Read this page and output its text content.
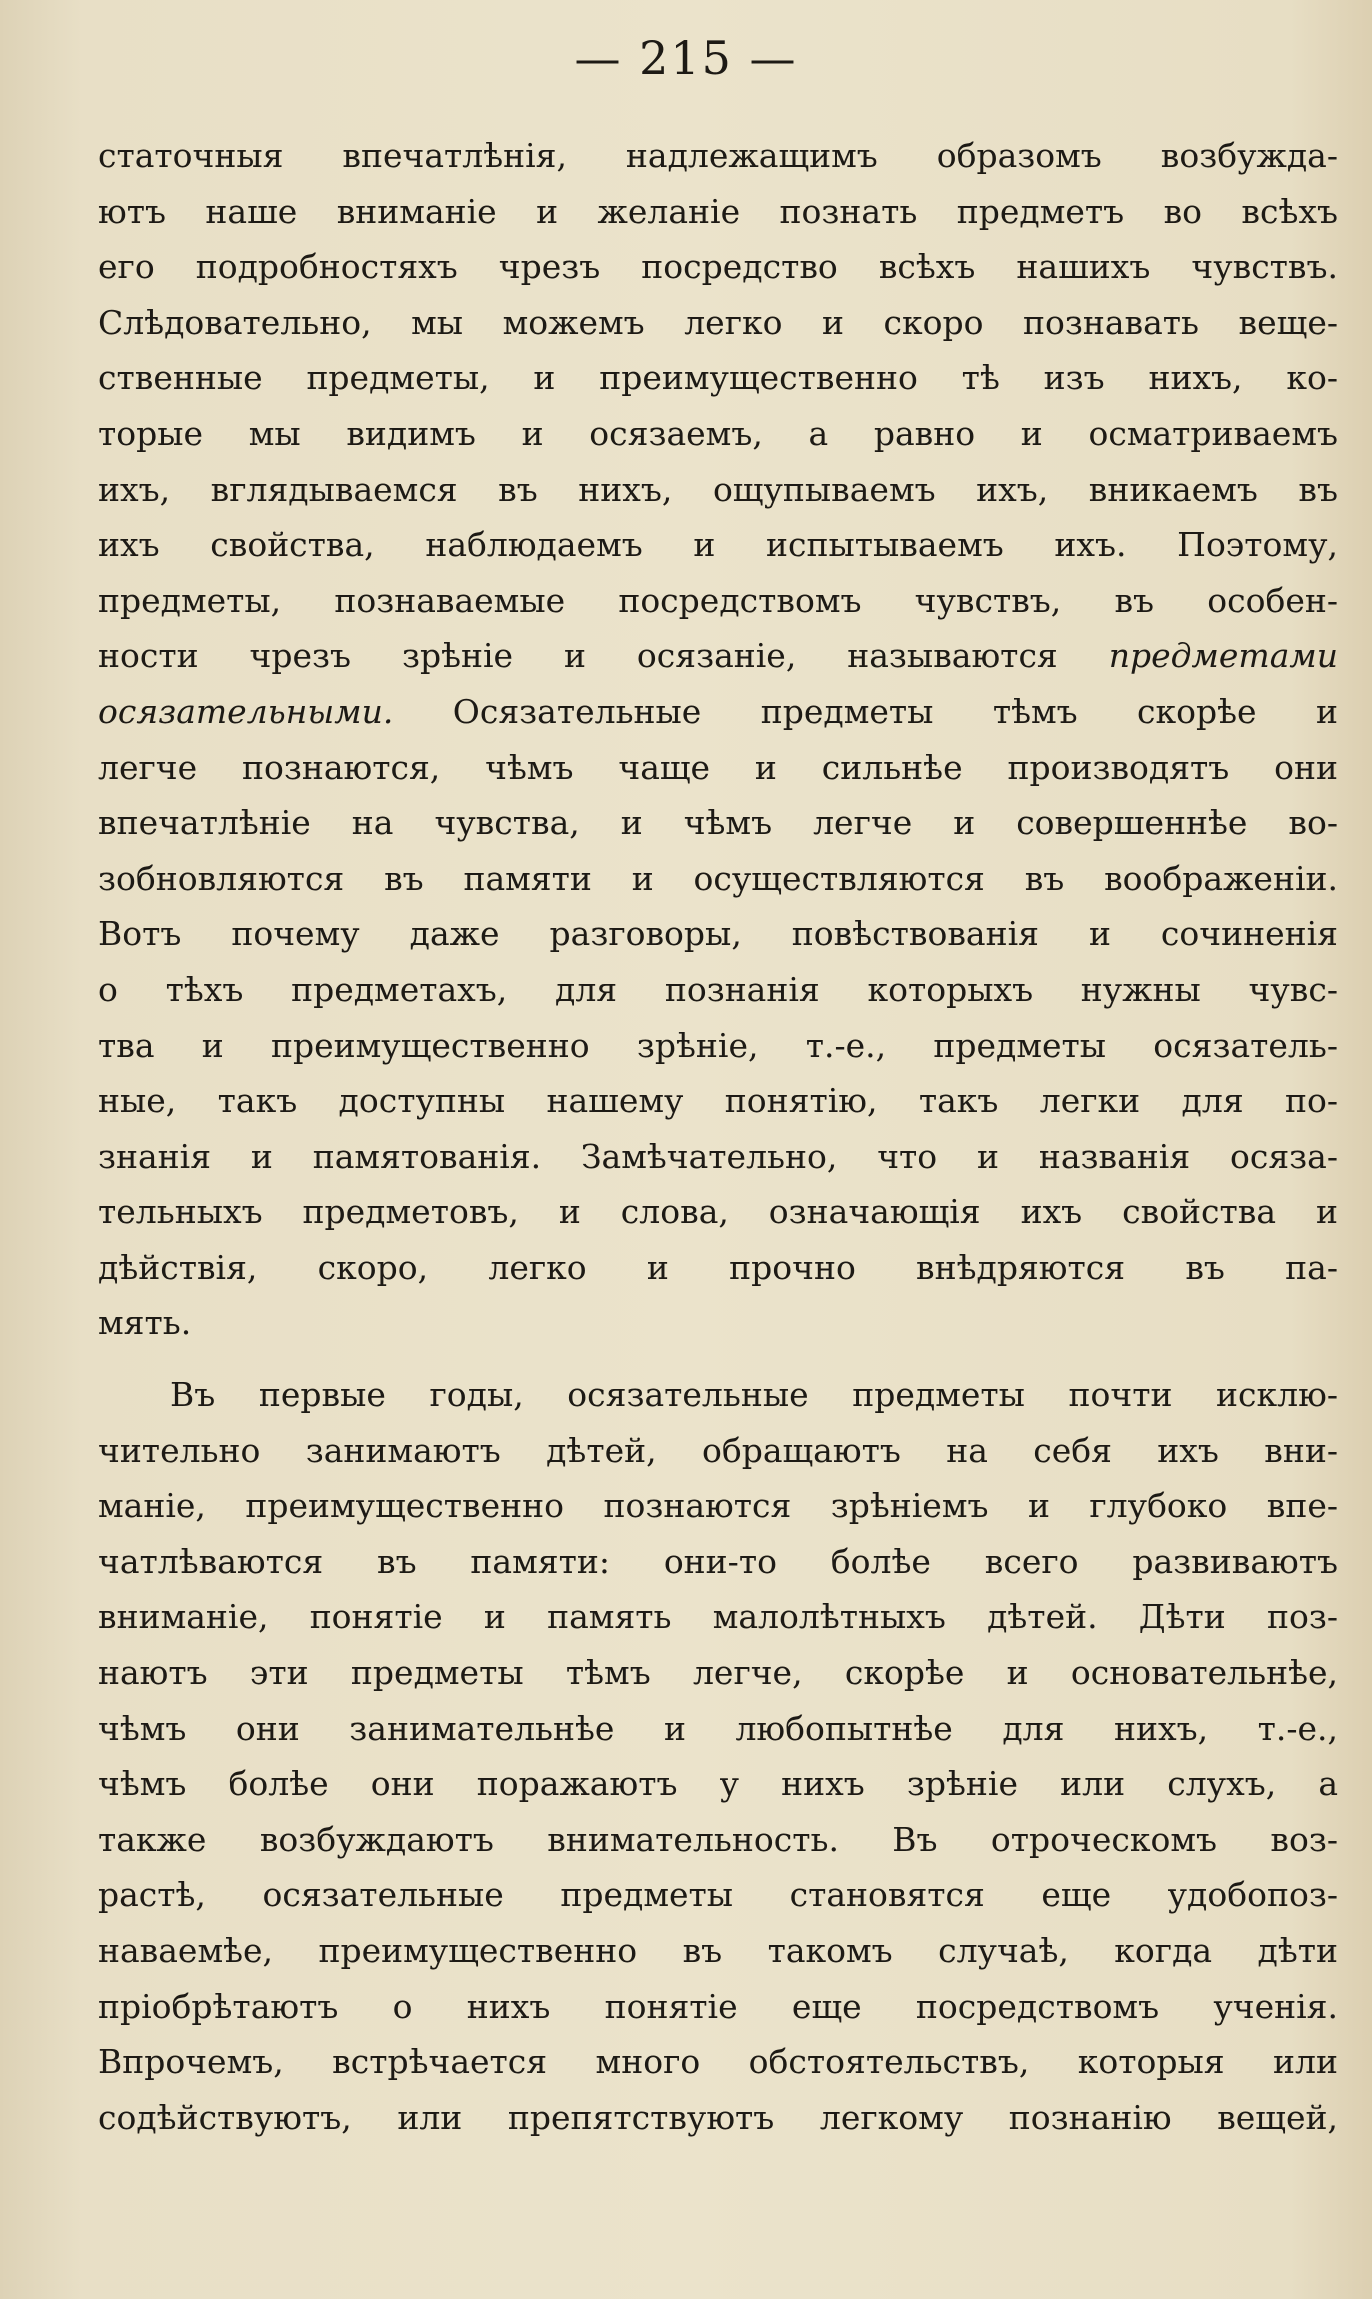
— 215 —
статочныя впечатлѣнія, надлежащимъ образомъ возбужда-
ютъ наше вниманіе и желаніе познать предметъ во всѣхъ
его подробностяхъ чрезъ посредство всѣхъ нашихъ чувствъ.
Слѣдовательно, мы можемъ легко и скоро познавать веще-
ственные предметы, и преимущественно тѣ изъ нихъ, ко-
торые мы видимъ и осязаемъ, а равно и осматриваемъ
ихъ, вглядываемся въ нихъ, ощупываемъ ихъ, вникаемъ въ
ихъ свойства, наблюдаемъ и испытываемъ ихъ. Поэтому,
предметы, познаваемые посредствомъ чувствъ, въ особен-
ности чрезъ зрѣніе и осязаніе, называются предметами
осязательными. Осязательные предметы тѣмъ скорѣе и
легче познаются, чѣмъ чаще и сильнѣе производятъ они
впечатлѣніе на чувства, и чѣмъ легче и совершеннѣе во-
зобновляются въ памяти и осуществляются въ воображеніи.
Вотъ почему даже разговоры, повѣствованія и сочиненія
о тѣхъ предметахъ, для познанія которыхъ нужны чувс-
тва и преимущественно зрѣніе, т.-е., предметы осязатель-
ные, такъ доступны нашему понятію, такъ легки для по-
знанія и памятованія. Замѣчательно, что и названія осяза-
тельныхъ предметовъ, и слова, означающія ихъ свойства и
дѣйствія, скоро, легко и прочно внѣдряются въ па-
мять.
Въ первые годы, осязательные предметы почти исклю-
чительно занимаютъ дѣтей, обращаютъ на себя ихъ вни-
маніе, преимущественно познаются зрѣніемъ и глубоко впе-
чатлѣваются въ памяти: они-то болѣе всего развиваютъ
вниманіе, понятіе и память малолѣтныхъ дѣтей. Дѣти поз-
наютъ эти предметы тѣмъ легче, скорѣе и основательнѣе,
чѣмъ они занимательнѣе и любопытнѣе для нихъ, т.-е.,
чѣмъ болѣе они поражаютъ у нихъ зрѣніе или слухъ, а
также возбуждаютъ внимательность. Въ отроческомъ воз-
растѣ, осязательные предметы становятся еще удобопоз-
наваемѣе, преимущественно въ такомъ случаѣ, когда дѣти
пріобрѣтаютъ о нихъ понятіе еще посредствомъ ученія.
Впрочемъ, встрѣчается много обстоятельствъ, которыя или
содѣйствуютъ, или препятствуютъ легкому познанію вещей,
